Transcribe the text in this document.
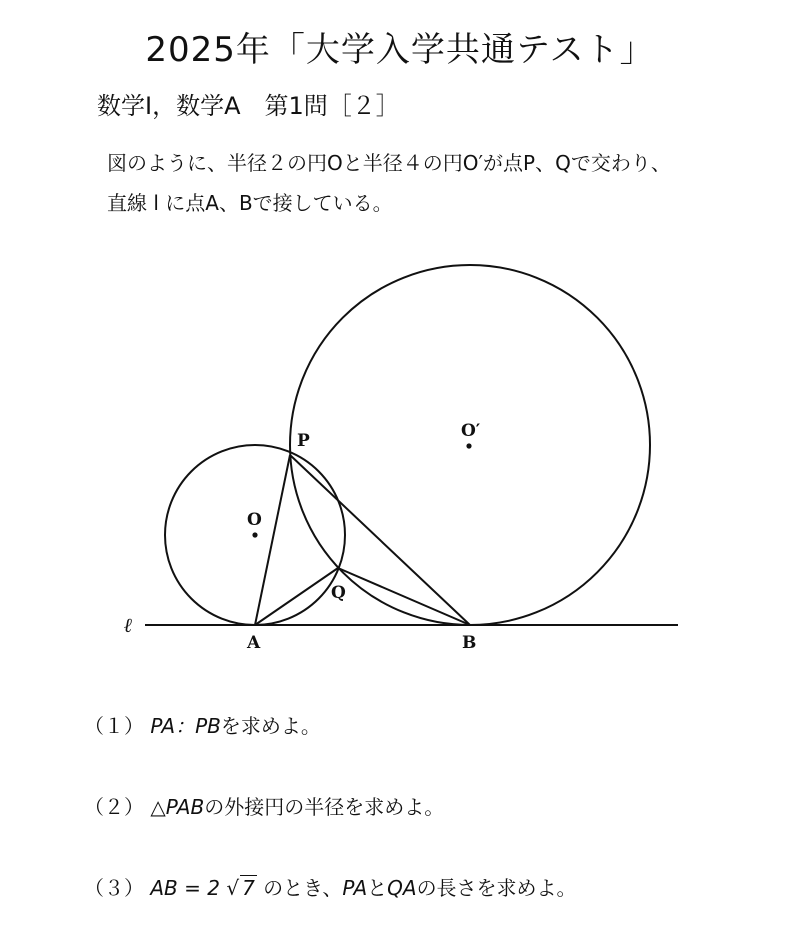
2025年「大学入学共通テスト」
数学I，数学A　第1問［２］
図のように、半径２の円Oと半径４の円O′が点P、Qで交わり、
直線 l に点A、Bで接している。
P
Q
O
O′
A	B
ℓ
（１） PA：PBを求めよ。
（２） △PABの外接円の半径を求めよ。
（３） AB = 2 √ 7 のとき、PAとQAの長さを求めよ。
